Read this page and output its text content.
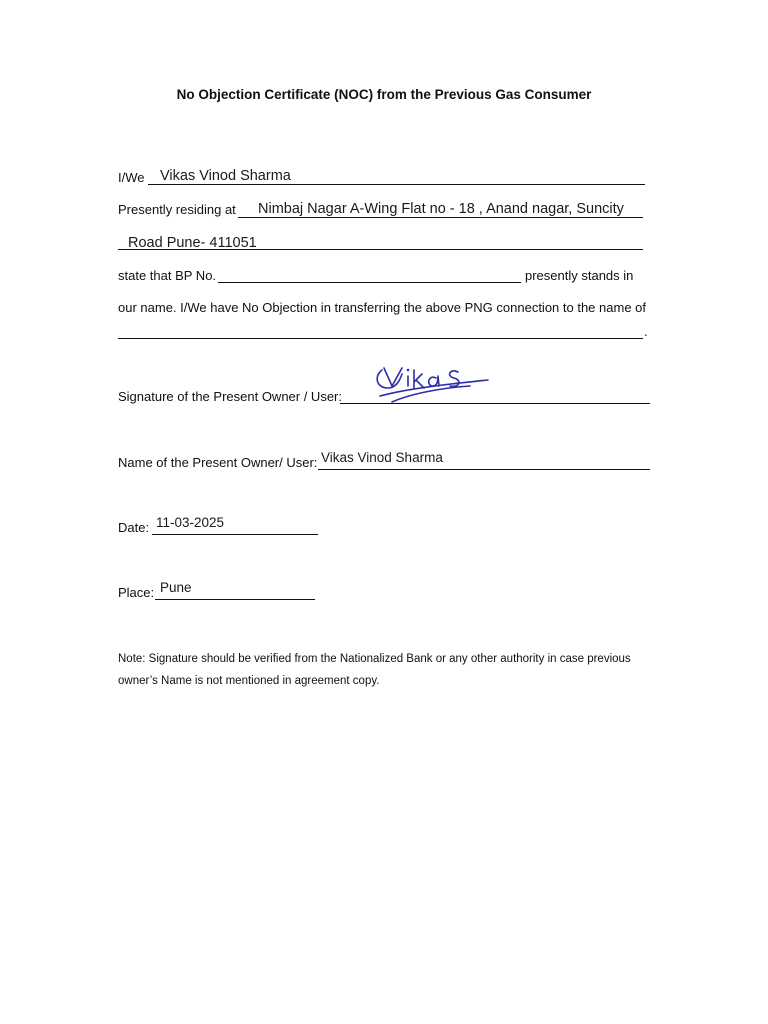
No Objection Certificate (NOC) from the Previous Gas Consumer
I/We Vikas Vinod Sharma
Presently residing at Nimbaj Nagar A-Wing Flat no - 18 , Anand nagar, Suncity
Road Pune- 411051
state that BP No.	presently stands in
our name. I/We have No Objection in transferring the above PNG connection to the name of
.
Signature of the Present Owner / User:
Name of the Present Owner/ User: Vikas Vinod Sharma
Date: 11-03-2025
Place: Pune
Note: Signature should be verified from the Nationalized Bank or any other authority in case previous owner’s Name is not mentioned in agreement copy.
